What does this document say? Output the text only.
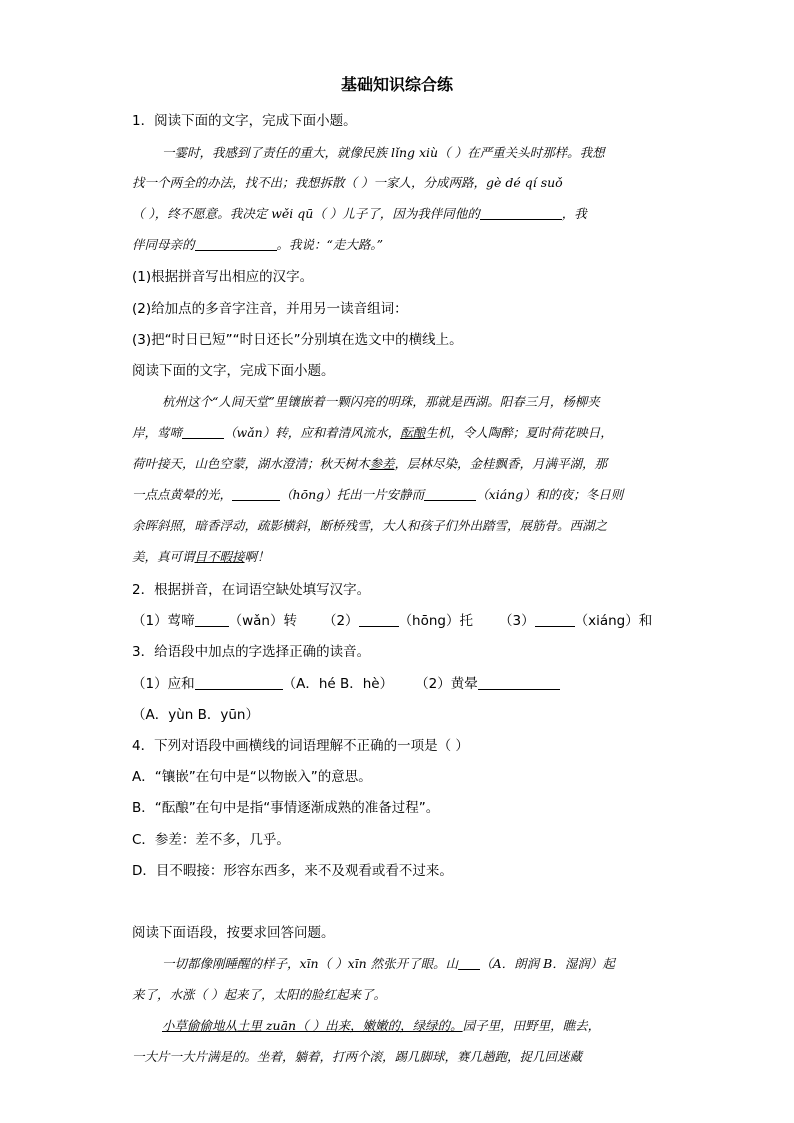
基础知识综合练
1．阅读下面的文字，完成下面小题。
一霎时，我感到了责任的重大，就像民族 lǐng xiù（ ）在严重关头时那样。我想
找一个两全的办法，找不出；我想拆散（ ）一家人，分成两路，gè dé qí suǒ
（ ），终不愿意。我决定 wěi qū（ ）儿子了，因为我伴同他的	，我
伴同母亲的	。我说：“走大路。”
(1)根据拼音写出相应的汉字。
(2)给加点的多音字注音，并用另一读音组词：
(3)把“时日已短”“时日还长”分别填在选文中的横线上。
阅读下面的文字，完成下面小题。
杭州这个“人间天堂”里镶嵌着一颗闪亮的明珠，那就是西湖。阳春三月，杨柳夹
岸，莺啼	（wǎn）转，应和着清风流水，酝酿生机，令人陶醉；夏时荷花映日，
荷叶接天，山色空蒙，湖水澄清；秋天树木参差，层林尽染，金桂飘香，月满平湖，那
一点点黄晕的光，	（hōng）托出一片安静而	（xiáng）和的夜；冬日则
余晖斜照，暗香浮动，疏影横斜，断桥残雪，大人和孩子们外出踏雪，展筋骨。西湖之
美，真可谓目不暇接啊！
2．根据拼音，在词语空缺处填写汉字。
（1）莺啼	（wǎn）转 （2）	（hōng）托 （3）	（xiáng）和
3．给语段中加点的字选择正确的读音。
（1）应和	（A．hé B．hè） （2）黄晕
（A．yùn B．yūn）
4．下列对语段中画横线的词语理解不正确的一项是（ ）
A．“镶嵌”在句中是“以物嵌入”的意思。
B．“酝酿”在句中是指“事情逐渐成熟的准备过程”。
C．参差：差不多，几乎。
D．目不暇接：形容东西多，来不及观看或看不过来。
阅读下面语段，按要求回答问题。
一切都像刚睡醒的样子，xīn（ ）xīn 然张开了眼。山 （A．朗润 B．湿润）起
来了，水涨（ ）起来了，太阳的脸红起来了。
小草偷偷地从土里 zuān（ ）出来，嫩嫩的，绿绿的。园子里，田野里，瞧去，
一大片一大片满是的。坐着，躺着，打两个滚，踢几脚球，赛几趟跑，捉几回迷藏
